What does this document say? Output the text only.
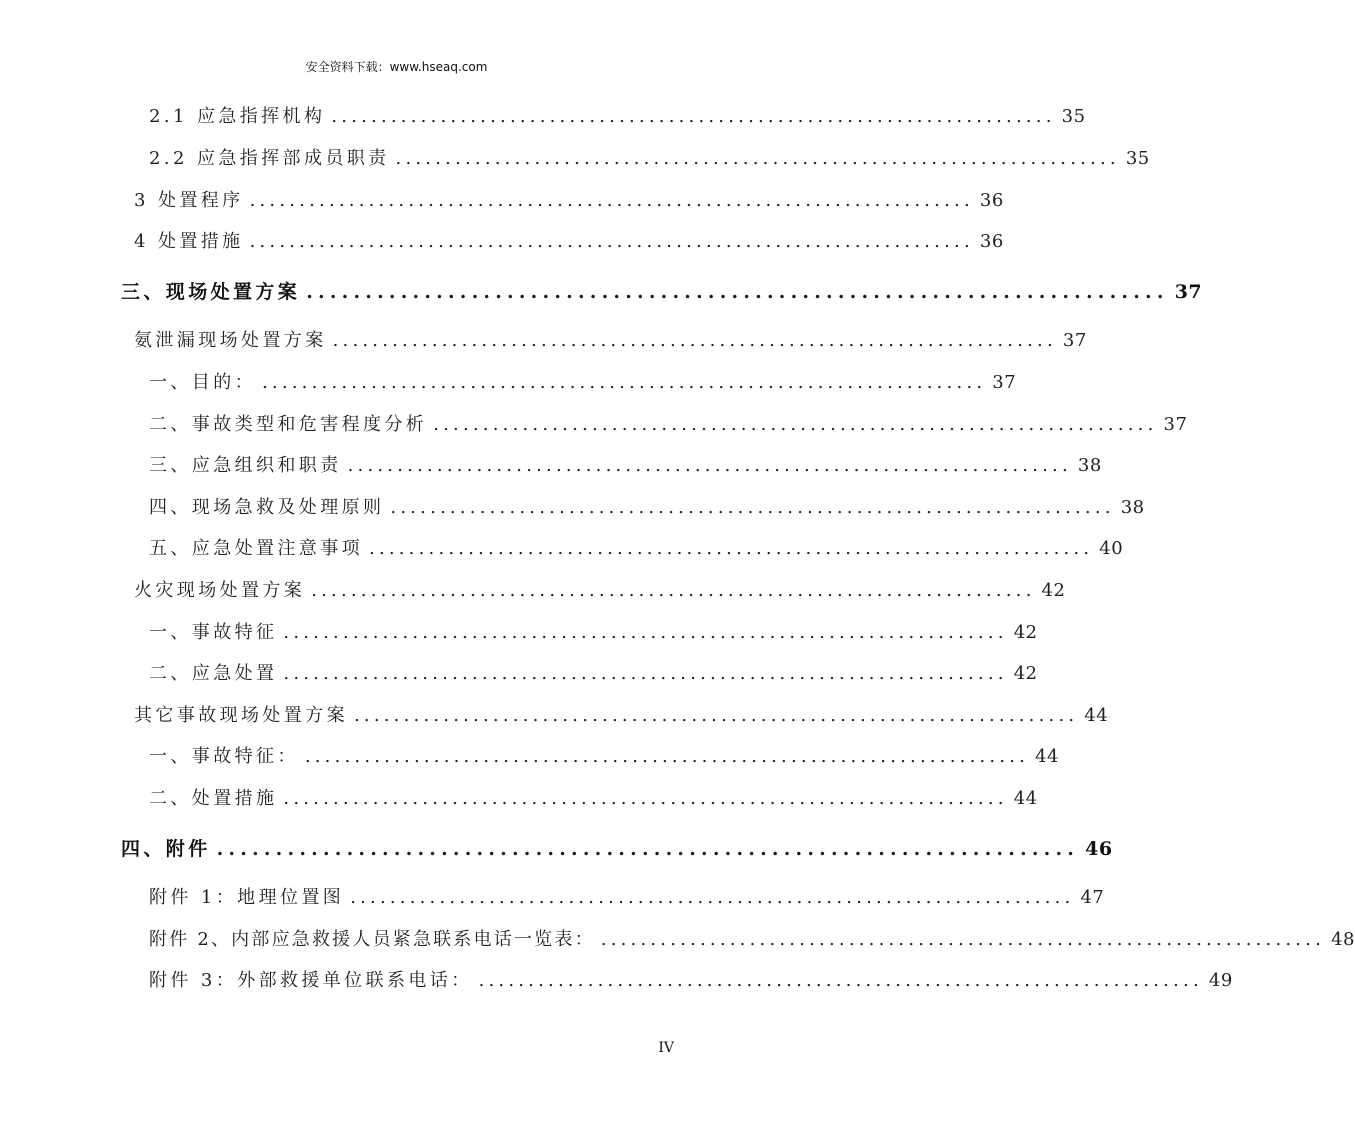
安全资料下载：www.hseaq.com
2.1 应急指挥机构 ......................................................................... 35
2.2 应急指挥部成员职责 ......................................................................... 35
3 处置程序 ......................................................................... 36
4 处置措施 ......................................................................... 36
三、现场处置方案 ......................................................................... 37
氨泄漏现场处置方案 ......................................................................... 37
一、目的： ......................................................................... 37
二、事故类型和危害程度分析 ......................................................................... 37
三、应急组织和职责 ......................................................................... 38
四、现场急救及处理原则 ......................................................................... 38
五、应急处置注意事项 ......................................................................... 40
火灾现场处置方案 ......................................................................... 42
一、事故特征 ......................................................................... 42
二、应急处置 ......................................................................... 42
其它事故现场处置方案 ......................................................................... 44
一、事故特征： ......................................................................... 44
二、处置措施 ......................................................................... 44
四、附件 ......................................................................... 46
附件 1：地理位置图 ......................................................................... 47
附件 2、内部应急救援人员紧急联系电话一览表： ......................................................................... 48
附件 3：外部救援单位联系电话： ......................................................................... 49
IV
